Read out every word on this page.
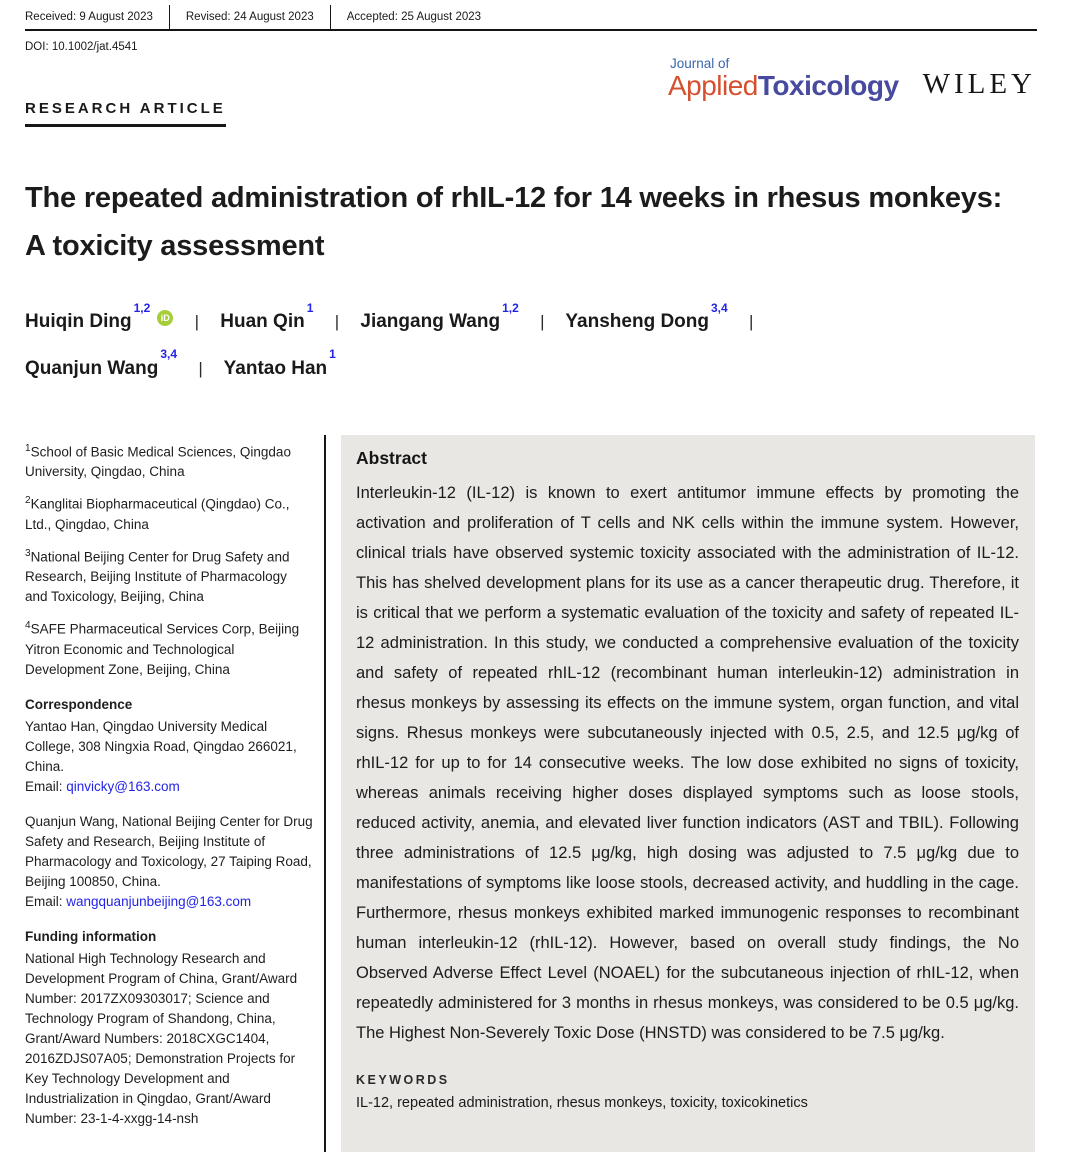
Received: 9 August 2023	Revised: 24 August 2023	Accepted: 25 August 2023
DOI: 10.1002/jat.4541
Journal of
AppliedToxicology WILEY
RESEARCH ARTICLE
The repeated administration of rhIL-12 for 14 weeks in rhesus monkeys: A toxicity assessment
Huiqin Ding$^{1,2}$iD | Huan Qin$^1$ | Jiangang Wang$^{1,2}$ | Yansheng Dong$^{3,4}$ |
Quanjun Wang$^{3,4}$ | Yantao Han$^1$

$^1$School of Basic Medical Sciences, Qingdao University, Qingdao, China

$^2$Kanglitai Biopharmaceutical (Qingdao) Co., Ltd., Qingdao, China

$^3$National Beijing Center for Drug Safety and Research, Beijing Institute of Pharmacology and Toxicology, Beijing, China

$^4$SAFE Pharmaceutical Services Corp, Beijing Yitron Economic and Technological Development Zone, Beijing, China

Correspondence
Yantao Han, Qingdao University Medical College, 308 Ningxia Road, Qingdao 266021, China.
Email: qinvicky@163.com
Quanjun Wang, National Beijing Center for Drug Safety and Research, Beijing Institute of Pharmacology and Toxicology, 27 Taiping Road, Beijing 100850, China.
Email: wangquanjunbeijing@163.com
Funding information
National High Technology Research and Development Program of China, Grant/Award Number: 2017ZX09303017; Science and Technology Program of Shandong, China, Grant/Award Numbers: 2018CXGC1404, 2016ZDJS07A05; Demonstration Projects for Key Technology Development and Industrialization in Qingdao, Grant/Award Number: 23-1-4-xxgg-14-nsh
Abstract
Interleukin-12 (IL-12) is known to exert antitumor immune effects by promoting the activation and proliferation of T cells and NK cells within the immune system. However, clinical trials have observed systemic toxicity associated with the administration of IL-12. This has shelved development plans for its use as a cancer therapeutic drug. Therefore, it is critical that we perform a systematic evaluation of the toxicity and safety of repeated IL-12 administration. In this study, we conducted a comprehensive evaluation of the toxicity and safety of repeated rhIL-12 (recombinant human interleukin-12) administration in rhesus monkeys by assessing its effects on the immune system, organ function, and vital signs. Rhesus monkeys were subcutaneously injected with 0.5, 2.5, and 12.5 μg/kg of rhIL-12 for up to for 14 consecutive weeks. The low dose exhibited no signs of toxicity, whereas animals receiving higher doses displayed symptoms such as loose stools, reduced activity, anemia, and elevated liver function indicators (AST and TBIL). Following three administrations of 12.5 μg/kg, high dosing was adjusted to 7.5 μg/kg due to manifestations of symptoms like loose stools, decreased activity, and huddling in the cage. Furthermore, rhesus monkeys exhibited marked immunogenic responses to recombinant human interleukin-12 (rhIL-12). However, based on overall study findings, the No Observed Adverse Effect Level (NOAEL) for the subcutaneous injection of rhIL-12, when repeatedly administered for 3 months in rhesus monkeys, was considered to be 0.5 μg/kg. The Highest Non-Severely Toxic Dose (HNSTD) was considered to be 7.5 μg/kg.
KEYWORDS
IL-12, repeated administration, rhesus monkeys, toxicity, toxicokinetics
